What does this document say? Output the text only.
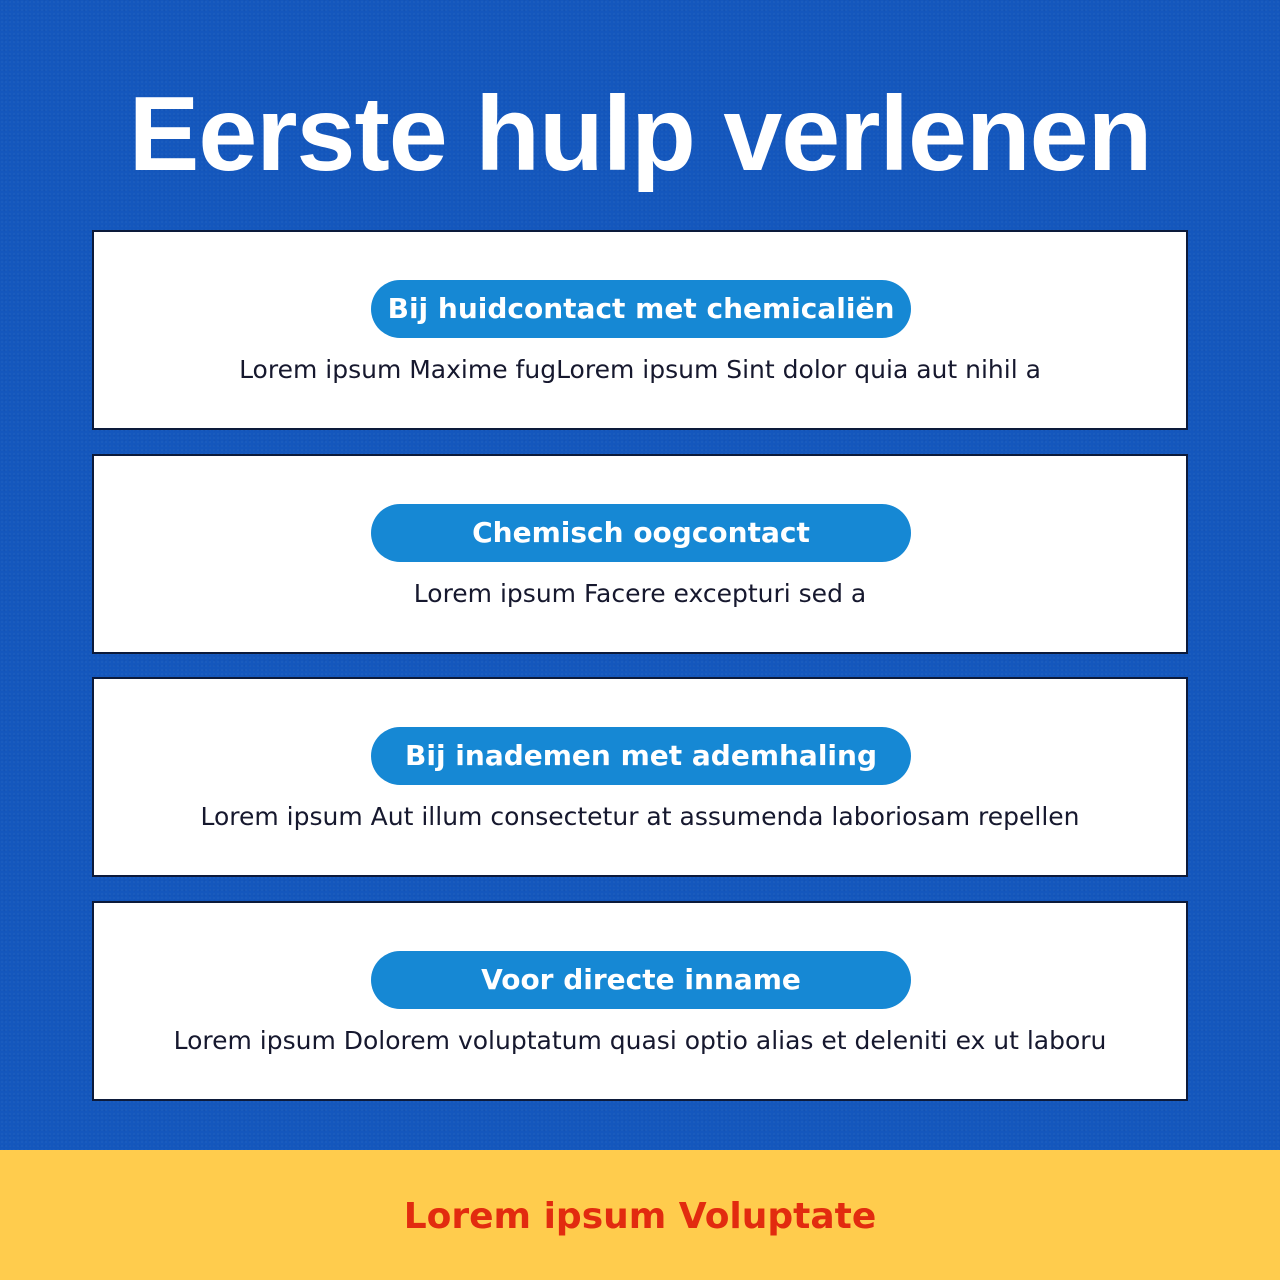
Eerste hulp verlenen
Bij huidcontact met chemicaliën
Lorem ipsum Maxime fugLorem ipsum Sint dolor quia aut nihil a
Chemisch oogcontact
Lorem ipsum Facere excepturi sed a
Bij inademen met ademhaling
Lorem ipsum Aut illum consectetur at assumenda laboriosam repellen
Voor directe inname
Lorem ipsum Dolorem voluptatum quasi optio alias et deleniti ex ut laboru
Lorem ipsum Voluptate
